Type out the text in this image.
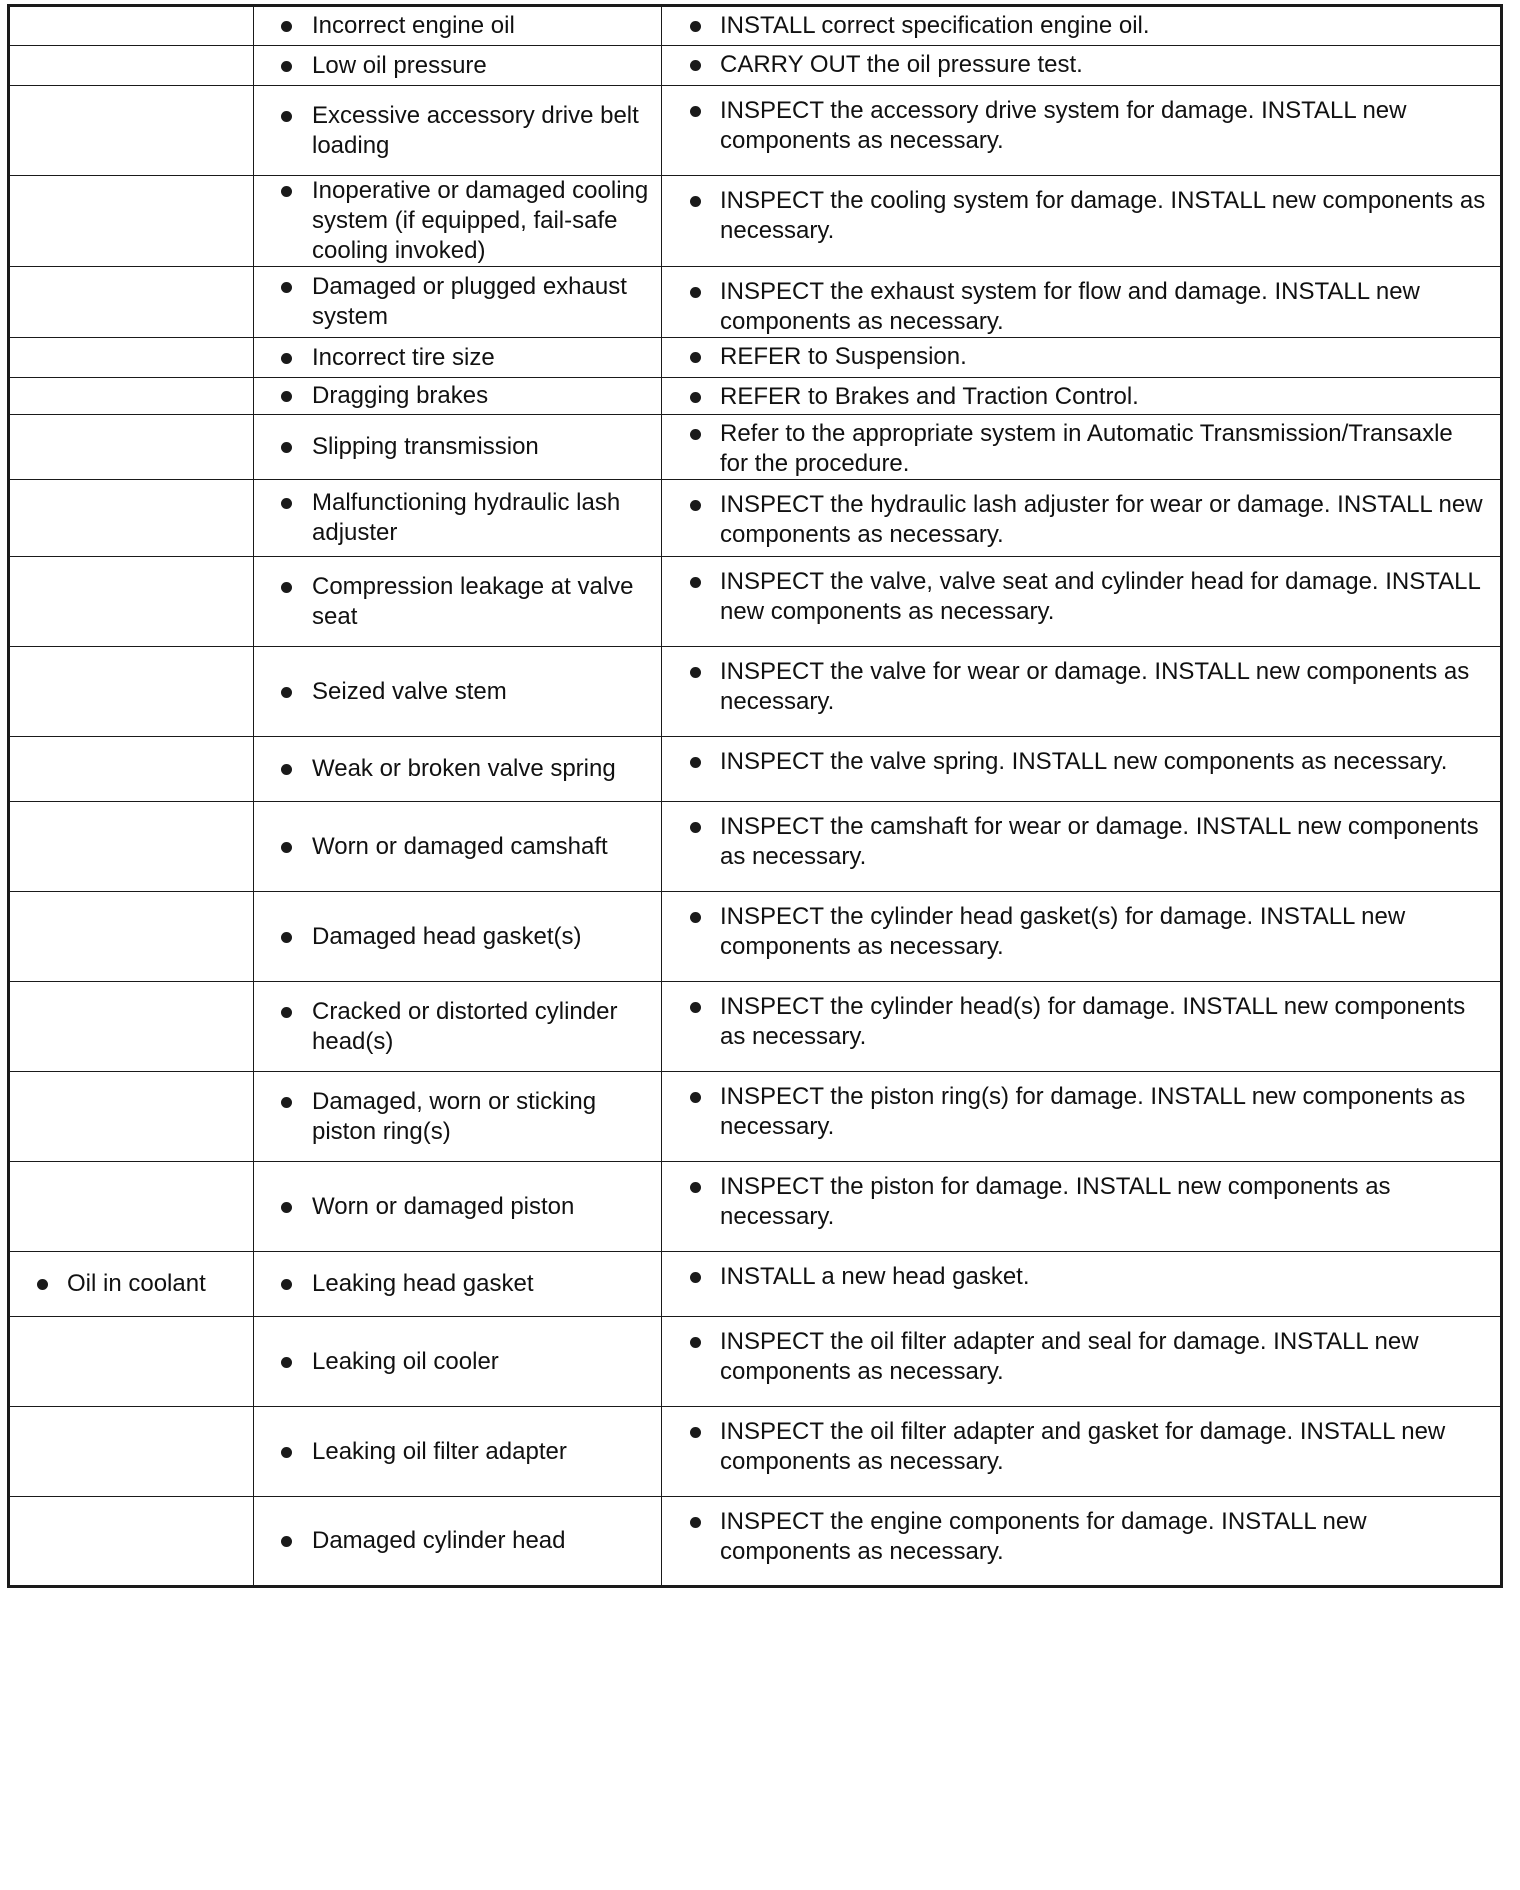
Incorrect engine oil	INSTALL correct specification engine oil.

Low oil pressure	CARRY OUT the oil pressure test.

Excessive accessory drive belt loading	INSPECT the accessory drive system for damage. INSTALL new components as necessary.

Inoperative or damaged cooling system (if equipped, fail-safe cooling invoked)	INSPECT the cooling system for damage. INSTALL new components as necessary.

Damaged or plugged exhaust system	INSPECT the exhaust system for flow and damage. INSTALL new components as necessary.

Incorrect tire size	REFER to Suspension.

Dragging brakes	REFER to Brakes and Traction Control.

Slipping transmission	Refer to the appropriate system in Automatic Transmission/Transaxle for the procedure.

Malfunctioning hydraulic lash adjuster	INSPECT the hydraulic lash adjuster for wear or damage. INSTALL new components as necessary.

Compression leakage at valve seat	INSPECT the valve, valve seat and cylinder head for damage. INSTALL new components as necessary.

Seized valve stem	INSPECT the valve for wear or damage. INSTALL new components as necessary.

Weak or broken valve spring	INSPECT the valve spring. INSTALL new components as necessary.

Worn or damaged camshaft	INSPECT the camshaft for wear or damage. INSTALL new components as necessary.

Damaged head gasket(s)	INSPECT the cylinder head gasket(s) for damage. INSTALL new components as necessary.

Cracked or distorted cylinder head(s)	INSPECT the cylinder head(s) for damage. INSTALL new components as necessary.

Damaged, worn or sticking piston ring(s)	INSPECT the piston ring(s) for damage. INSTALL new components as necessary.

Worn or damaged piston	INSPECT the piston for damage. INSTALL new components as necessary.

Oil in coolant	Leaking head gasket	INSTALL a new head gasket.

Leaking oil cooler	INSPECT the oil filter adapter and seal for damage. INSTALL new components as necessary.

Leaking oil filter adapter	INSPECT the oil filter adapter and gasket for damage. INSTALL new components as necessary.

Damaged cylinder head	INSPECT the engine components for damage. INSTALL new components as necessary.
